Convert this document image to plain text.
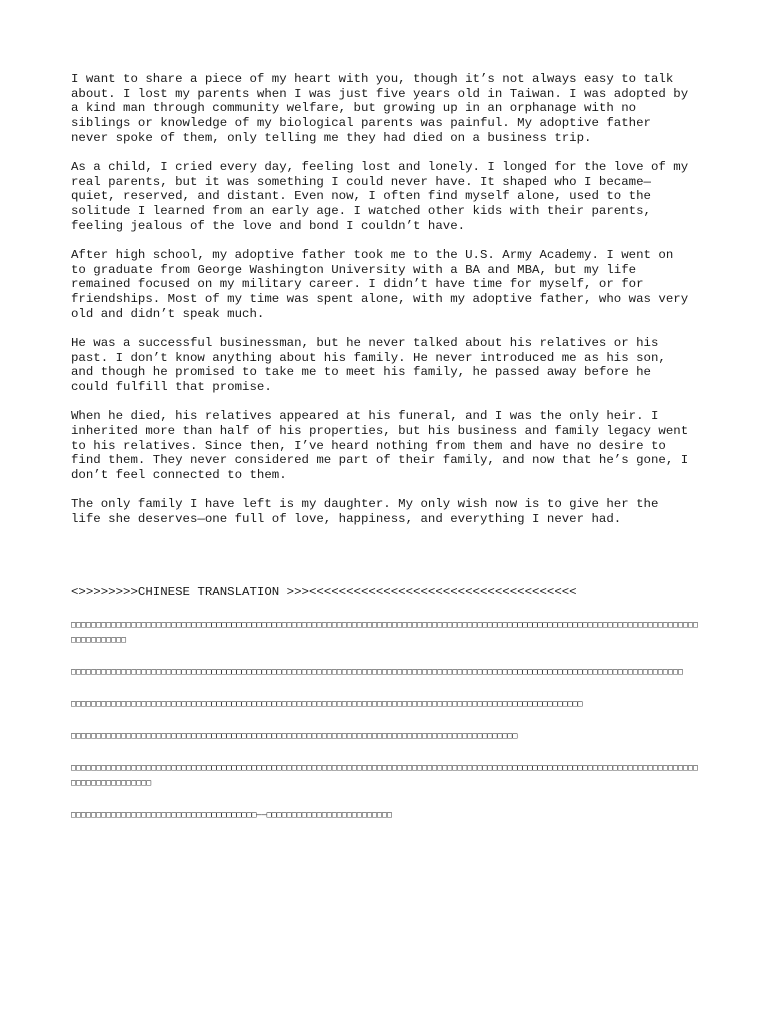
I want to share a piece of my heart with you, though it’s not always easy to talk
about. I lost my parents when I was just five years old in Taiwan. I was adopted by
a kind man through community welfare, but growing up in an orphanage with no
siblings or knowledge of my biological parents was painful. My adoptive father
never spoke of them, only telling me they had died on a business trip.

As a child, I cried every day, feeling lost and lonely. I longed for the love of my
real parents, but it was something I could never have. It shaped who I became—
quiet, reserved, and distant. Even now, I often find myself alone, used to the
solitude I learned from an early age. I watched other kids with their parents,
feeling jealous of the love and bond I couldn’t have.

After high school, my adoptive father took me to the U.S. Army Academy. I went on
to graduate from George Washington University with a BA and MBA, but my life
remained focused on my military career. I didn’t have time for myself, or for
friendships. Most of my time was spent alone, with my adoptive father, who was very
old and didn’t speak much.

He was a successful businessman, but he never talked about his relatives or his
past. I don’t know anything about his family. He never introduced me as his son,
and though he promised to take me to meet his family, he passed away before he
could fulfill that promise.

When he died, his relatives appeared at his funeral, and I was the only heir. I
inherited more than half of his properties, but his business and family legacy went
to his relatives. Since then, I’ve heard nothing from them and have no desire to
find them. They never considered me part of their family, and now that he’s gone, I
don’t feel connected to them.

The only family I have left is my daughter. My only wish now is to give her the
life she deserves—one full of love, happiness, and everything I never had.

<>>>>>>>>CHINESE TRANSLATION >>><<<<<<<<<<<<<<<<<<<<<<<<<<<<<<<<<<<<

□□□□□□□□□□□□□□□□□□□□□□□□□□□□□□□□□□□□□□□□□□□□□□□□□□□□□□□□□□□□□□□□□□□□□□□□□□□□□□□□□□□□□□□□□□□□□□□□□□□□□□□□□□□□□□□□□□□□□□□□□□□□□□□□□□□□□□□□

□□□□□□□□□□□□□□□□□□□□□□□□□□□□□□□□□□□□□□□□□□□□□□□□□□□□□□□□□□□□□□□□□□□□□□□□□□□□□□□□□□□□□□□□□□□□□□□□□□□□□□□□□□□□□□□□□□□□□□□□□□

□□□□□□□□□□□□□□□□□□□□□□□□□□□□□□□□□□□□□□□□□□□□□□□□□□□□□□□□□□□□□□□□□□□□□□□□□□□□□□□□□□□□□□□□□□□□□□□□□□□□□□

□□□□□□□□□□□□□□□□□□□□□□□□□□□□□□□□□□□□□□□□□□□□□□□□□□□□□□□□□□□□□□□□□□□□□□□□□□□□□□□□□□□□□□□□□

□□□□□□□□□□□□□□□□□□□□□□□□□□□□□□□□□□□□□□□□□□□□□□□□□□□□□□□□□□□□□□□□□□□□□□□□□□□□□□□□□□□□□□□□□□□□□□□□□□□□□□□□□□□□□□□□□□□□□□□□□□□□□□□□□□□□□□□□□□□□□

□□□□□□□□□□□□□□□□□□□□□□□□□□□□□□□□□□□□□——□□□□□□□□□□□□□□□□□□□□□□□□□
